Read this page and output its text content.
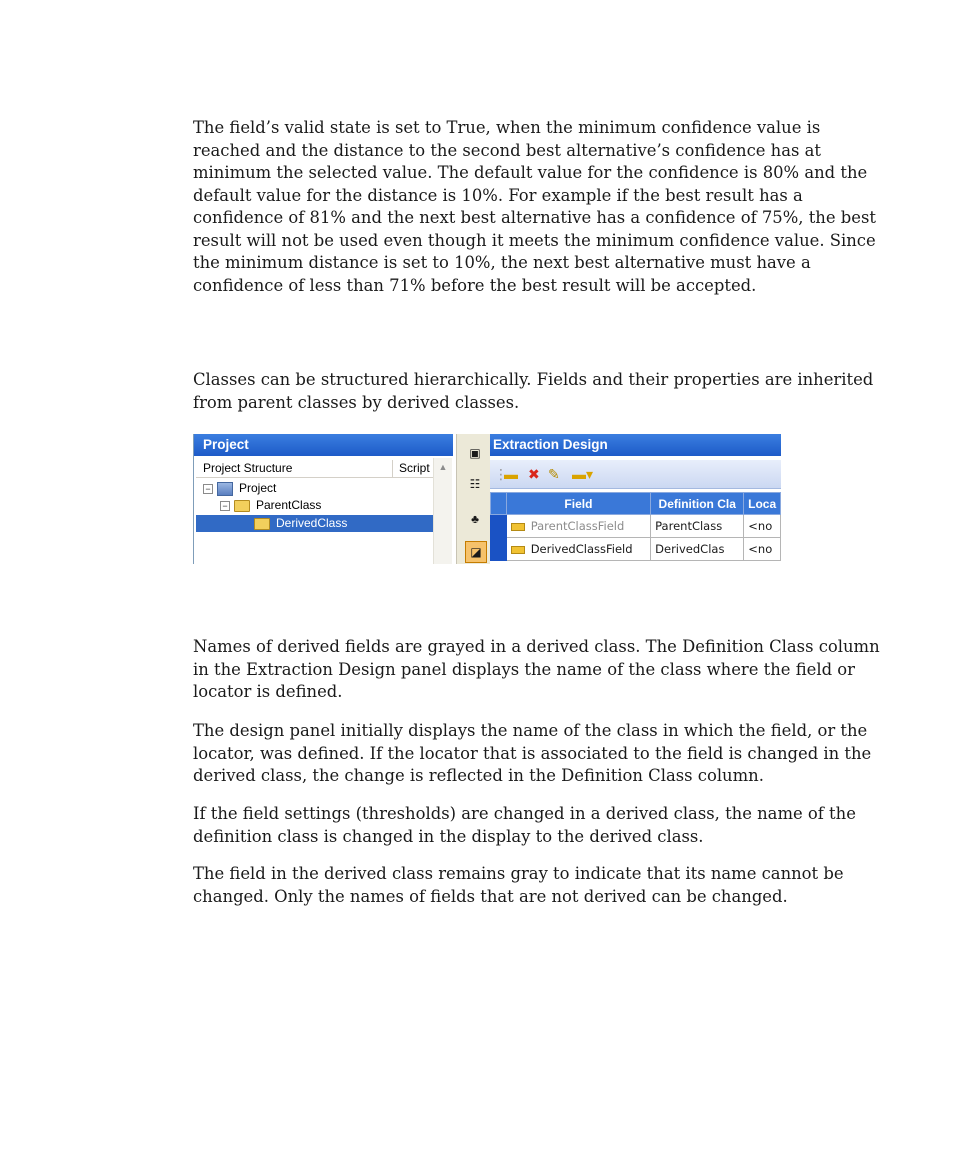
The field’s valid state is set to True, when the minimum confidence value is reached and the distance to the second best alternative’s confidence has at minimum the selected value. The default value for the confidence is 80% and the default value for the distance is 10%. For example if the best result has a confidence of 81% and the next best alternative has a confidence of 75%, the best result will not be used even though it meets the minimum confidence value. Since the minimum distance is set to 10%, the next best alternative must have a confidence of less than 71% before the best result will be accepted.

Classes can be structured hierarchically. Fields and their properties are inherited from parent classes by derived classes.

Project
Project Structure	Script ▲
− Project
− ParentClass
DerivedClass
▣
☷
♣
◪
Extraction Design
⋮
▬ ✖ ✎ ▬▾
	Field	Definition Cla	Loca
	ParentClassField	ParentClass	<no
	DerivedClassField	DerivedClas	<no

Names of derived fields are grayed in a derived class. The Definition Class column in the Extraction Design panel displays the name of the class where the field or locator is defined.

The design panel initially displays the name of the class in which the field, or the locator, was defined. If the locator that is associated to the field is changed in the derived class, the change is reflected in the Definition Class column.

If the field settings (thresholds) are changed in a derived class, the name of the definition class is changed in the display to the derived class.

The field in the derived class remains gray to indicate that its name cannot be changed. Only the names of fields that are not derived can be changed.
